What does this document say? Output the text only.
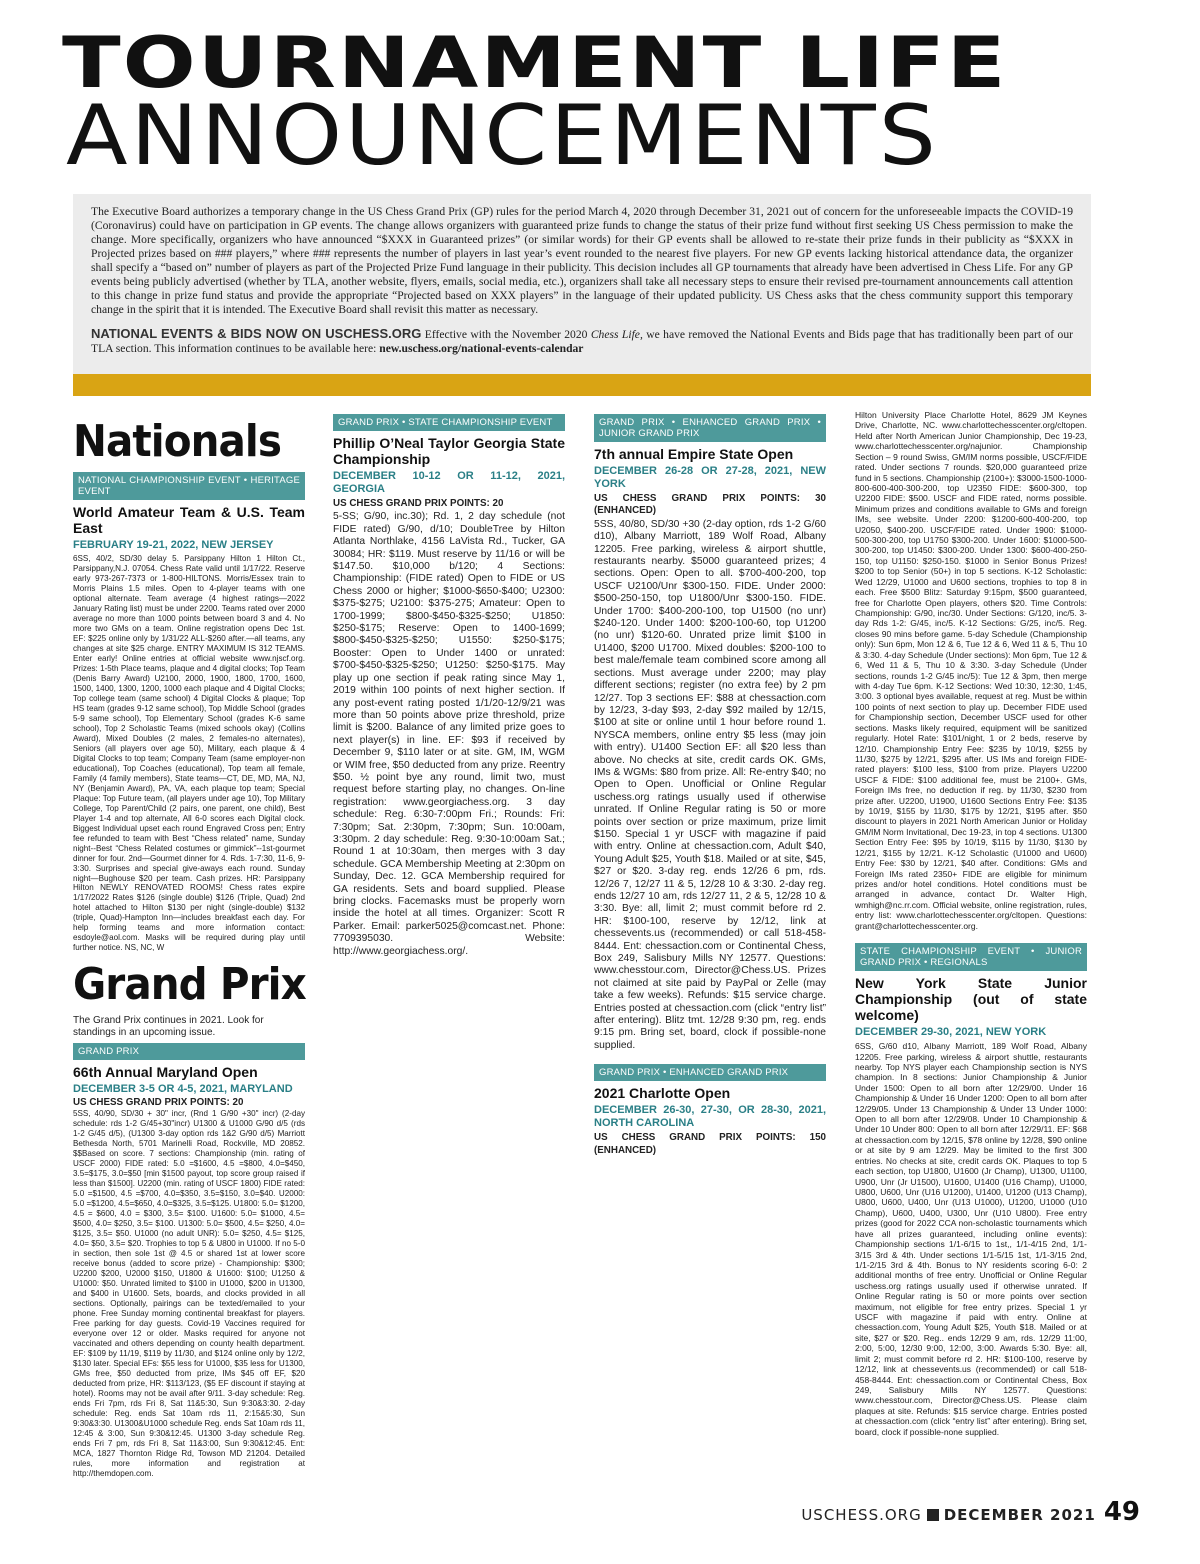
TOURNAMENT LIFE
ANNOUNCEMENTS

The Executive Board authorizes a temporary change in the US Chess Grand Prix (GP) rules for the period March 4, 2020 through December 31, 2021 out of concern for the unforeseeable impacts the COVID-19 (Coronavirus) could have on participation in GP events. The change allows organizers with guaranteed prize funds to change the status of their prize fund without first seeking US Chess permission to make the change. More specifically, organizers who have announced “$XXX in Guaranteed prizes” (or similar words) for their GP events shall be allowed to re-state their prize funds in their publicity as “$XXX in Projected prizes based on ### players,” where ### represents the number of players in last year’s event rounded to the nearest five players. For new GP events lacking historical attendance data, the organizer shall specify a “based on” number of players as part of the Projected Prize Fund language in their publicity. This decision includes all GP tournaments that already have been advertised in Chess Life. For any GP events being publicly advertised (whether by TLA, another website, flyers, emails, social media, etc.), organizers shall take all necessary steps to ensure their revised pre-tournament announcements call attention to this change in prize fund status and provide the appropriate “Projected based on XXX players” in the language of their updated publicity. US Chess asks that the chess community support this temporary change in the spirit that it is intended. The Executive Board shall revisit this matter as necessary.

NATIONAL EVENTS & BIDS NOW ON USCHESS.ORG Effective with the November 2020 Chess Life, we have removed the National Events and Bids page that has traditionally been part of our TLA section. This information continues to be available here: new.uschess.org/national-events-calendar

Nationals
NATIONAL CHAMPIONSHIP EVENT • HERITAGE EVENT
World Amateur Team & U.S. Team East
FEBRUARY 19-21, 2022, NEW JERSEY

6SS, 40/2, SD/30 delay 5. Parsippany Hilton 1 Hilton Ct., Parsippany,N.J. 07054. Chess Rate valid until 1/17/22. Reserve early 973-267-7373 or 1-800-HILTONS. Morris/Essex train to Morris Plains 1.5 miles. Open to 4-player teams with one optional alternate. Team average (4 highest ratings—2022 January Rating list) must be under 2200. Teams rated over 2000 average no more than 1000 points between board 3 and 4. No more two GMs on a team. Online registration opens Dec 1st. EF: $225 online only by 1/31/22 ALL-$260 after.—all teams, any changes at site $25 charge. ENTRY MAXIMUM IS 312 TEAMS. Enter early! Online entries at official website www.njscf.org. Prizes: 1-5th Place teams, plaque and 4 digital clocks; Top Team (Denis Barry Award) U2100, 2000, 1900, 1800, 1700, 1600, 1500, 1400, 1300, 1200, 1000 each plaque and 4 Digital Clocks; Top college team (same school) 4 Digital Clocks & plaque; Top HS team (grades 9-12 same school), Top Middle School (grades 5-9 same school), Top Elementary School (grades K-6 same school), Top 2 Scholastic Teams (mixed schools okay) (Collins Award), Mixed Doubles (2 males, 2 females-no alternates), Seniors (all players over age 50), Military, each plaque & 4 Digital Clocks to top team; Company Team (same employer-non educational), Top Coaches (educational), Top team all female, Family (4 family members), State teams—CT, DE, MD, MA, NJ, NY (Benjamin Award), PA, VA, each plaque top team; Special Plaque: Top Future team, (all players under age 10), Top Military College, Top Parent/Child (2 pairs, one parent, one child), Best Player 1-4 and top alternate, All 6-0 scores each Digital clock. Biggest Individual upset each round Engraved Cross pen; Entry fee refunded to team with Best “Chess related” name, Sunday night--Best “Chess Related costumes or gimmick”--1st-gourmet dinner for four. 2nd—Gourmet dinner for 4. Rds. 1-7:30, 11-6, 9-3:30. Surprises and special give-aways each round. Sunday night—Bughouse $20 per team. Cash prizes. HR: Parsippany Hilton NEWLY RENOVATED ROOMS! Chess rates expire 1/17/2022 Rates $126 (single double) $126 (Triple, Quad) 2nd hotel attached to Hilton $130 per night (single-double) $132 (triple, Quad)-Hampton Inn—includes breakfast each day. For help forming teams and more information contact: esdoyle@aol.com. Masks will be required during play until further notice. NS, NC, W

Grand Prix

The Grand Prix continues in 2021. Look for standings in an upcoming issue.

GRAND PRIX
66th Annual Maryland Open
DECEMBER 3-5 OR 4-5, 2021, MARYLAND
US CHESS GRAND PRIX POINTS: 20

5SS, 40/90, SD/30 + 30" incr, (Rnd 1 G/90 +30" incr) (2-day schedule: rds 1-2 G/45+30"incr) U1300 & U1000 G/90 d/5 (rds 1-2 G/45 d/5), (U1300 3-day option rds 1&2 G/90 d/5) Marriott Bethesda North, 5701 Marinelli Road, Rockville, MD 20852. $$Based on score. 7 sections: Championship (min. rating of USCF 2000) FIDE rated: 5.0 =$1600, 4.5 =$800, 4.0=$450, 3.5=$175, 3.0=$50 [min $1500 payout, top score group raised if less than $1500]. U2200 (min. rating of USCF 1800) FIDE rated: 5.0 =$1500, 4.5 =$700, 4.0=$350, 3.5=$150, 3.0=$40. U2000: 5.0 =$1200, 4.5=$650, 4.0=$325, 3.5=$125. U1800: 5.0= $1200, 4.5 = $600, 4.0 = $300, 3.5= $100. U1600: 5.0= $1000, 4.5= $500, 4.0= $250, 3.5= $100. U1300: 5.0= $500, 4.5= $250, 4.0= $125, 3.5= $50. U1000 (no adult UNR): 5.0= $250, 4.5= $125, 4.0= $50, 3.5= $20. Trophies to top 5 & U800 in U1000. If no 5-0 in section, then sole 1st @ 4.5 or shared 1st at lower score receive bonus (added to score prize) - Championship: $300; U2200 $200, U2000 $150, U1800 & U1600: $100; U1250 & U1000: $50. Unrated limited to $100 in U1000, $200 in U1300, and $400 in U1600. Sets, boards, and clocks provided in all sections. Optionally, pairings can be texted/emailed to your phone. Free Sunday morning continental breakfast for players. Free parking for day guests. Covid-19 Vaccines required for everyone over 12 or older. Masks required for anyone not vaccinated and others depending on county health department. EF: $109 by 11/19, $119 by 11/30, and $124 online only by 12/2, $130 later. Special EFs: $55 less for U1000, $35 less for U1300, GMs free, $50 deducted from prize, IMs $45 off EF, $20 deducted from prize, HR: $113/123, ($5 EF discount if staying at hotel). Rooms may not be avail after 9/11. 3-day schedule: Reg. ends Fri 7pm, rds Fri 8, Sat 11&5:30, Sun 9:30&3:30. 2-day schedule: Reg. ends Sat 10am rds 11, 2:15&5:30, Sun 9:30&3:30. U1300&U1000 schedule Reg. ends Sat 10am rds 11, 12:45 & 3:00, Sun 9:30&12:45. U1300 3-day schedule Reg. ends Fri 7 pm, rds Fri 8, Sat 11&3:00, Sun 9:30&12:45. Ent: MCA, 1827 Thornton Ridge Rd, Towson MD 21204. Detailed rules, more information and registration at http://themdopen.com.

GRAND PRIX • STATE CHAMPIONSHIP EVENT
Phillip O’Neal Taylor Georgia State Championship
DECEMBER 10-12 OR 11-12, 2021, GEORGIA
US CHESS GRAND PRIX POINTS: 20

5-SS; G/90, inc.30); Rd. 1, 2 day schedule (not FIDE rated) G/90, d/10; DoubleTree by Hilton Atlanta Northlake, 4156 LaVista Rd., Tucker, GA 30084; HR: $119. Must reserve by 11/16 or will be $147.50. $10,000 b/120; 4 Sections: Championship: (FIDE rated) Open to FIDE or US Chess 2000 or higher; $1000-$650-$400; U2300: $375-$275; U2100: $375-275; Amateur: Open to 1700-1999; $800-$450-$325-$250; U1850: $250-$175; Reserve: Open to 1400-1699; $800-$450-$325-$250; U1550: $250-$175; Booster: Open to Under 1400 or unrated: $700-$450-$325-$250; U1250: $250-$175. May play up one section if peak rating since May 1, 2019 within 100 points of next higher section. If any post-event rating posted 1/1/20-12/9/21 was more than 50 points above prize threshold, prize limit is $200. Balance of any limited prize goes to next player(s) in line. EF: $93 if received by December 9, $110 later or at site. GM, IM, WGM or WIM free, $50 deducted from any prize. Reentry $50. ½ point bye any round, limit two, must request before starting play, no changes. On-line registration: www.georgiachess.org. 3 day schedule: Reg. 6:30-7:00pm Fri.; Rounds: Fri: 7:30pm; Sat. 2:30pm, 7:30pm; Sun. 10:00am, 3:30pm. 2 day schedule: Reg. 9:30-10:00am Sat.; Round 1 at 10:30am, then merges with 3 day schedule. GCA Membership Meeting at 2:30pm on Sunday, Dec. 12. GCA Membership required for GA residents. Sets and board supplied. Please bring clocks. Facemasks must be properly worn inside the hotel at all times. Organizer: Scott R Parker. Email: parker5025@comcast.net. Phone: 7709395030. Website: http://www.georgiachess.org/.

GRAND PRIX • ENHANCED GRAND PRIX • JUNIOR GRAND PRIX
7th annual Empire State Open
DECEMBER 26-28 OR 27-28, 2021, NEW YORK
US CHESS GRAND PRIX POINTS: 30 (ENHANCED)

5SS, 40/80, SD/30 +30 (2-day option, rds 1-2 G/60 d10), Albany Marriott, 189 Wolf Road, Albany 12205. Free parking, wireless & airport shuttle, restaurants nearby. $5000 guaranteed prizes; 4 sections. Open: Open to all. $700-400-200, top USCF U2100/Unr $300-150. FIDE. Under 2000: $500-250-150, top U1800/Unr $300-150. FIDE. Under 1700: $400-200-100, top U1500 (no unr) $240-120. Under 1400: $200-100-60, top U1200 (no unr) $120-60. Unrated prize limit $100 in U1400, $200 U1700. Mixed doubles: $200-100 to best male/female team combined score among all sections. Must average under 2200; may play different sections; register (no extra fee) by 2 pm 12/27. Top 3 sections EF: $88 at chessaction.com by 12/23, 3-day $93, 2-day $92 mailed by 12/15, $100 at site or online until 1 hour before round 1. NYSCA members, online entry $5 less (may join with entry). U1400 Section EF: all $20 less than above. No checks at site, credit cards OK. GMs, IMs & WGMs: $80 from prize. All: Re-entry $40; no Open to Open. Unofficial or Online Regular uschess.org ratings usually used if otherwise unrated. If Online Regular rating is 50 or more points over section or prize maximum, prize limit $150. Special 1 yr USCF with magazine if paid with entry. Online at chessaction.com, Adult $40, Young Adult $25, Youth $18. Mailed or at site, $45, $27 or $20. 3-day reg. ends 12/26 6 pm, rds. 12/26 7, 12/27 11 & 5, 12/28 10 & 3:30. 2-day reg. ends 12/27 10 am, rds 12/27 11, 2 & 5, 12/28 10 & 3:30. Bye: all, limit 2; must commit before rd 2. HR: $100-100, reserve by 12/12, link at chessevents.us (recommended) or call 518-458-8444. Ent: chessaction.com or Continental Chess, Box 249, Salisbury Mills NY 12577. Questions: www.chesstour.com, Director@Chess.US. Prizes not claimed at site paid by PayPal or Zelle (may take a few weeks). Refunds: $15 service charge. Entries posted at chessaction.com (click “entry list” after entering). Blitz tmt. 12/28 9:30 pm, reg. ends 9:15 pm. Bring set, board, clock if possible-none supplied.

GRAND PRIX • ENHANCED GRAND PRIX
2021 Charlotte Open
DECEMBER 26-30, 27-30, OR 28-30, 2021, NORTH CAROLINA
US CHESS GRAND PRIX POINTS: 150 (ENHANCED)

Hilton University Place Charlotte Hotel, 8629 JM Keynes Drive, Charlotte, NC. www.charlottechesscenter.org/cltopen. Held after North American Junior Championship, Dec 19-23, www.charlottechesscenter.org/najunior. Championship Section – 9 round Swiss, GM/IM norms possible, USCF/FIDE rated. Under sections 7 rounds. $20,000 guaranteed prize fund in 5 sections. Championship (2100+): $3000-1500-1000-800-600-400-300-200, top U2350 FIDE: $600-300, top U2200 FIDE: $500. USCF and FIDE rated, norms possible. Minimum prizes and conditions available to GMs and foreign IMs, see website. Under 2200: $1200-600-400-200, top U2050, $400-200. USCF/FIDE rated. Under 1900: $1000-500-300-200, top U1750 $300-200. Under 1600: $1000-500-300-200, top U1450: $300-200. Under 1300: $600-400-250-150, top U1150: $250-150. $1000 in Senior Bonus Prizes! $200 to top Senior (50+) in top 5 sections. K-12 Scholastic: Wed 12/29, U1000 and U600 sections, trophies to top 8 in each. Free $500 Blitz: Saturday 9:15pm, $500 guaranteed, free for Charlotte Open players, others $20. Time Controls: Championship: G/90, inc/30. Under Sections: G/120, inc/5. 3-day Rds 1-2: G/45, inc/5. K-12 Sections: G/25, inc/5. Reg. closes 90 mins before game. 5-day Schedule (Championship only): Sun 6pm, Mon 12 & 6, Tue 12 & 6, Wed 11 & 5, Thu 10 & 3:30. 4-day Schedule (Under sections): Mon 6pm, Tue 12 & 6, Wed 11 & 5, Thu 10 & 3:30. 3-day Schedule (Under sections, rounds 1-2 G/45 inc/5): Tue 12 & 3pm, then merge with 4-day Tue 6pm. K-12 Sections: Wed 10:30, 12:30, 1:45, 3:00. 3 optional byes available, request at reg. Must be within 100 points of next section to play up. December FIDE used for Championship section, December USCF used for other sections. Masks likely required, equipment will be sanitized regularly. Hotel Rate: $101/night, 1 or 2 beds, reserve by 12/10. Championship Entry Fee: $235 by 10/19, $255 by 11/30, $275 by 12/21, $295 after. US IMs and foreign FIDE-rated players: $100 less, $100 from prize. Players U2200 USCF & FIDE: $100 additional fee, must be 2100+. GMs, Foreign IMs free, no deduction if reg. by 11/30, $230 from prize after. U2200, U1900, U1600 Sections Entry Fee: $135 by 10/19, $155 by 11/30, $175 by 12/21, $195 after. $50 discount to players in 2021 North American Junior or Holiday GM/IM Norm Invitational, Dec 19-23, in top 4 sections. U1300 Section Entry Fee: $95 by 10/19, $115 by 11/30, $130 by 12/21, $155 by 12/21. K-12 Scholastic (U1000 and U600) Entry Fee: $30 by 12/21, $40 after. Conditions: GMs and Foreign IMs rated 2350+ FIDE are eligible for minimum prizes and/or hotel conditions. Hotel conditions must be arranged in advance, contact Dr. Walter High, wmhigh@nc.rr.com. Official website, online registration, rules, entry list: www.charlottechesscenter.org/cltopen. Questions: grant@charlottechesscenter.org.

STATE CHAMPIONSHIP EVENT • JUNIOR GRAND PRIX • REGIONALS
New York State Junior Championship (out of state welcome)
DECEMBER 29-30, 2021, NEW YORK

6SS, G/60 d10, Albany Marriott, 189 Wolf Road, Albany 12205. Free parking, wireless & airport shuttle, restaurants nearby. Top NYS player each Championship section is NYS champion. In 8 sections: Junior Championship & Junior Under 1500: Open to all born after 12/29/00. Under 16 Championship & Under 16 Under 1200: Open to all born after 12/29/05. Under 13 Championship & Under 13 Under 1000: Open to all born after 12/29/08. Under 10 Championship & Under 10 Under 800: Open to all born after 12/29/11. EF: $68 at chessaction.com by 12/15, $78 online by 12/28, $90 online or at site by 9 am 12/29. May be limited to the first 300 entries. No checks at site, credit cards OK. Plaques to top 5 each section, top U1800, U1600 (Jr Champ), U1300, U1100, U900, Unr (Jr U1500), U1600, U1400 (U16 Champ), U1000, U800, U600, Unr (U16 U1200), U1400, U1200 (U13 Champ), U800, U600, U400, Unr (U13 U1000), U1200, U1000 (U10 Champ), U600, U400, U300, Unr (U10 U800). Free entry prizes (good for 2022 CCA non-scholastic tournaments which have all prizes guaranteed, including online events): Championship sections 1/1-6/15 to 1st,, 1/1-4/15 2nd, 1/1-3/15 3rd & 4th. Under sections 1/1-5/15 1st, 1/1-3/15 2nd, 1/1-2/15 3rd & 4th. Bonus to NY residents scoring 6-0: 2 additional months of free entry. Unofficial or Online Regular uschess.org ratings usually used if otherwise unrated. If Online Regular rating is 50 or more points over section maximum, not eligible for free entry prizes. Special 1 yr USCF with magazine if paid with entry. Online at chessaction.com, Young Adult $25, Youth $18. Mailed or at site, $27 or $20. Reg.. ends 12/29 9 am, rds. 12/29 11:00, 2:00, 5:00, 12/30 9:00, 12:00, 3:00. Awards 5:30. Bye: all, limit 2; must commit before rd 2. HR: $100-100, reserve by 12/12, link at chessevents.us (recommended) or call 518-458-8444. Ent: chessaction.com or Continental Chess, Box 249, Salisbury Mills NY 12577. Questions: www.chesstour.com, Director@Chess.US. Please claim plaques at site. Refunds: $15 service charge. Entries posted at chessaction.com (click “entry list” after entering). Bring set, board, clock if possible-none supplied.

USCHESS.ORG DECEMBER 2021 49
